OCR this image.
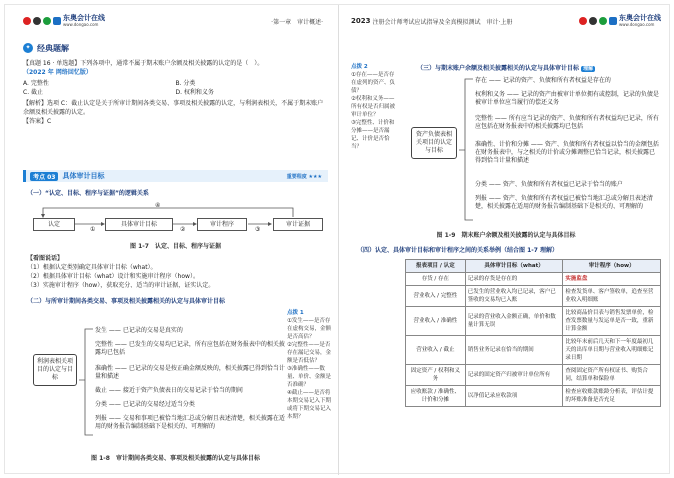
东奥会计在线
www.dongao.com	·第一章　审计概述·	2023 注册会计师考试应试指导及全真模拟测试　审计·上册	东奥会计在线
www.dongao.com
✦ 经典题解
【真题 16 · 单选题】下列各项中，通常不属于期末账户余额及相关披露的认定的是（　）。（2022 年 网络回忆版）
A. 完整性	B. 分类
C. 截止	D. 权利和义务
【解析】选项 C：截止认定是关于所审计期间各类交易、事项及相关披露的认定，与利润表相关，不属于期末账户余额及相关披露的认定。
【答案】C
考点 03	具体审计目标	重要程度 ★★★
（一）“认定、目标、程序与证据”的逻辑关系
认定	具体审计目标	审计程序	审计证据
①	②	③
④
图 1-7　认定、目标、程序与证据
【看图说话】
（1）根据认定类别确定具体审计目标（what）。
（2）根据具体审计目标（what）设计和实施审计程序（how）。
（3）实施审计程序（how），获取充分、适当的审计证据，证实认定。
（二）与所审计期间各类交易、事项及相关披露相关的认定与具体审计目标
利润表相关项目的认定与目标
发生 —— 已记录的交易是真实的
完整性 —— 已发生的交易均已记录，所有应包括在财务报表中的相关披露均已包括
准确性 —— 已记录的交易是按正确金额反映的，相关披露已得到恰当计量和描述
截止 —— 接近于资产负债表日的交易记录于恰当的期间
分类 —— 已记录的交易经过适当分类
列报 —— 交易和事项已被恰当地汇总或分解且表述清楚，相关披露在适用的财务报告编制基础下是相关的、可理解的
点拨 1
①发生——是否存在虚构交易，金额是否高估？
②完整性——是否存在漏记交易，金额是否低估？
③准确性——数量、单价、金额是否准确？
④截止——是否将本期交易记入下期或将下期交易记入本期？
图 1-8　审计期间各类交易、事项及相关披露的认定与具体目标
点拨 2
①存在——是否存在虚列的资产、负债？
②权利和义务——所有权是否归属被审计单位？
③完整性、计价和分摊——是否漏记、计价是否恰当？
（三）与期末账户余额及相关披露相关的认定与具体审计目标 理解
资产负债表相关项目的认定与目标
存在 —— 记录的资产、负债和所有者权益是存在的
权利和义务 —— 记录的资产由被审计单位拥有或控制，记录的负债是被审计单位应当履行的偿还义务
完整性 —— 所有应当记录的资产、负债和所有者权益均已记录，所有应包括在财务报表中的相关披露均已包括
准确性、计价和分摊 —— 资产、负债和所有者权益以恰当的金额包括在财务报表中，与之相关的计价或分摊调整已恰当记录，相关披露已得到恰当计量和描述
分类 —— 资产、负债和所有者权益已记录于恰当的账户
列报 —— 资产、负债和所有者权益已被恰当地汇总或分解且表述清楚，相关披露在适用的财务报告编制基础下是相关的、可理解的
图 1-9　期末账户余额及相关披露的认定与具体目标
（四）认定、具体审计目标和审计程序之间的关系举例（结合图 1-7 理解）
报表项目 / 认定	具体审计目标（what）	审计程序（how）
存货 / 存在	记录的存货是存在的	实施监盘
营业收入 / 完整性	已发生的营业收入均已记录，客户已签收的交易均已入账	检查发货单、客户签收单，追查至营业收入明细账
营业收入 / 准确性	记录的营业收入金额正确，单价和数量计算无误	比较商品价目表与销售发票单价，检查发票数量与发运单是否一致，重新计算金额
营业收入 / 截止	销售业务记录在恰当的期间	比较年末前后几天和下一年度最初几天的出库单日期与营业收入明细账记录日期
固定资产 / 权利和义务	记录的固定资产归被审计单位所有	查阅固定资产所有权证书、购货合同，结算单和保险单
应收账款 / 准确性、计价和分摊	以净值记录应收款项	检查应收账款账龄分析表，评估计提的坏账准备是否充足
